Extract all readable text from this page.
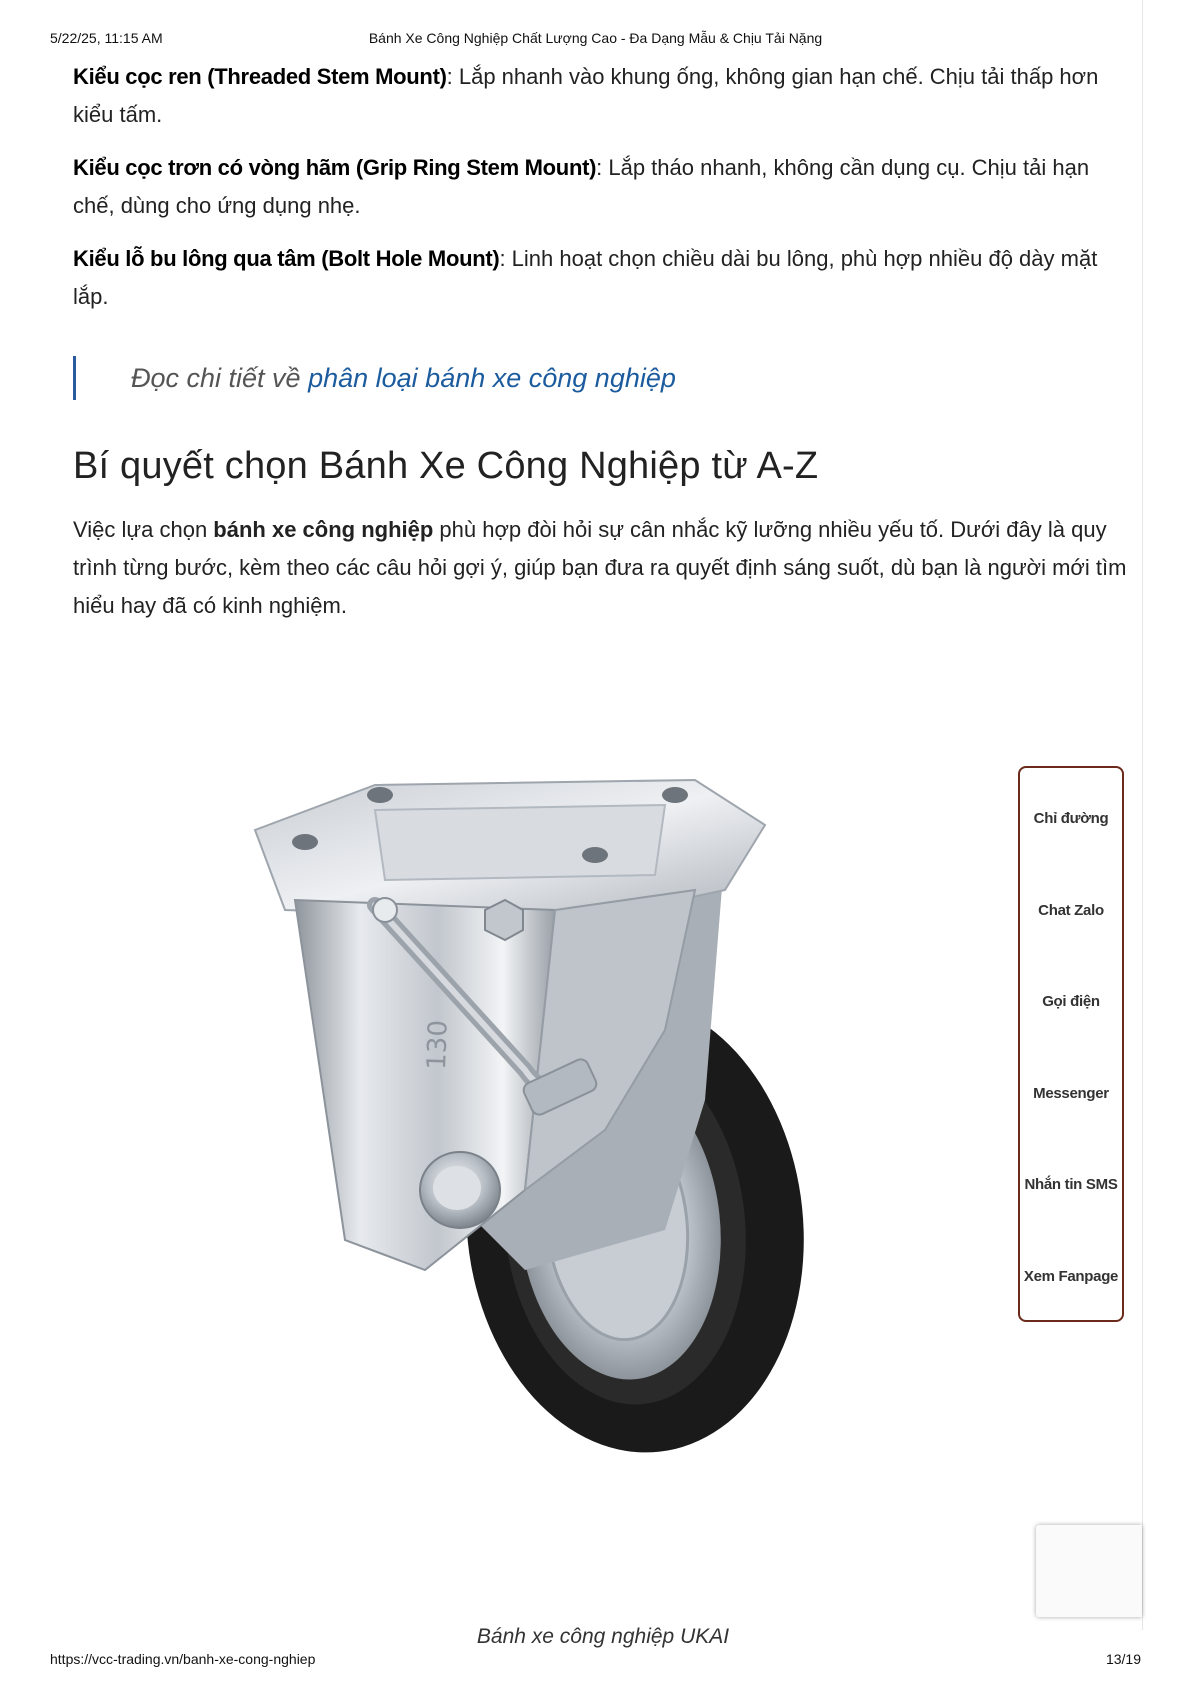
Bánh Xe Công Nghiệp Chất Lượng Cao - Đa Dạng Mẫu & Chịu Tải Nặng
5/22/25, 11:15 AM

Kiểu cọc ren (Threaded Stem Mount): Lắp nhanh vào khung ống, không gian hạn chế. Chịu tải thấp hơn kiểu tấm.

Kiểu cọc trơn có vòng hãm (Grip Ring Stem Mount): Lắp tháo nhanh, không cần dụng cụ. Chịu tải hạn chế, dùng cho ứng dụng nhẹ.

Kiểu lỗ bu lông qua tâm (Bolt Hole Mount): Linh hoạt chọn chiều dài bu lông, phù hợp nhiều độ dày mặt lắp.

Đọc chi tiết về phân loại bánh xe công nghiệp
Bí quyết chọn Bánh Xe Công Nghiệp từ A-Z

Việc lựa chọn bánh xe công nghiệp phù hợp đòi hỏi sự cân nhắc kỹ lưỡng nhiều yếu tố. Dưới đây là quy trình từng bước, kèm theo các câu hỏi gợi ý, giúp bạn đưa ra quyết định sáng suốt, dù bạn là người mới tìm hiểu hay đã có kinh nghiệm.

Bánh xe công nghiệp UKAI
130
Chỉ đường
Chat Zalo
Gọi điện
Messenger
Nhắn tin SMS
Xem Fanpage
https://vcc-trading.vn/banh-xe-cong-nghiep	13/19
